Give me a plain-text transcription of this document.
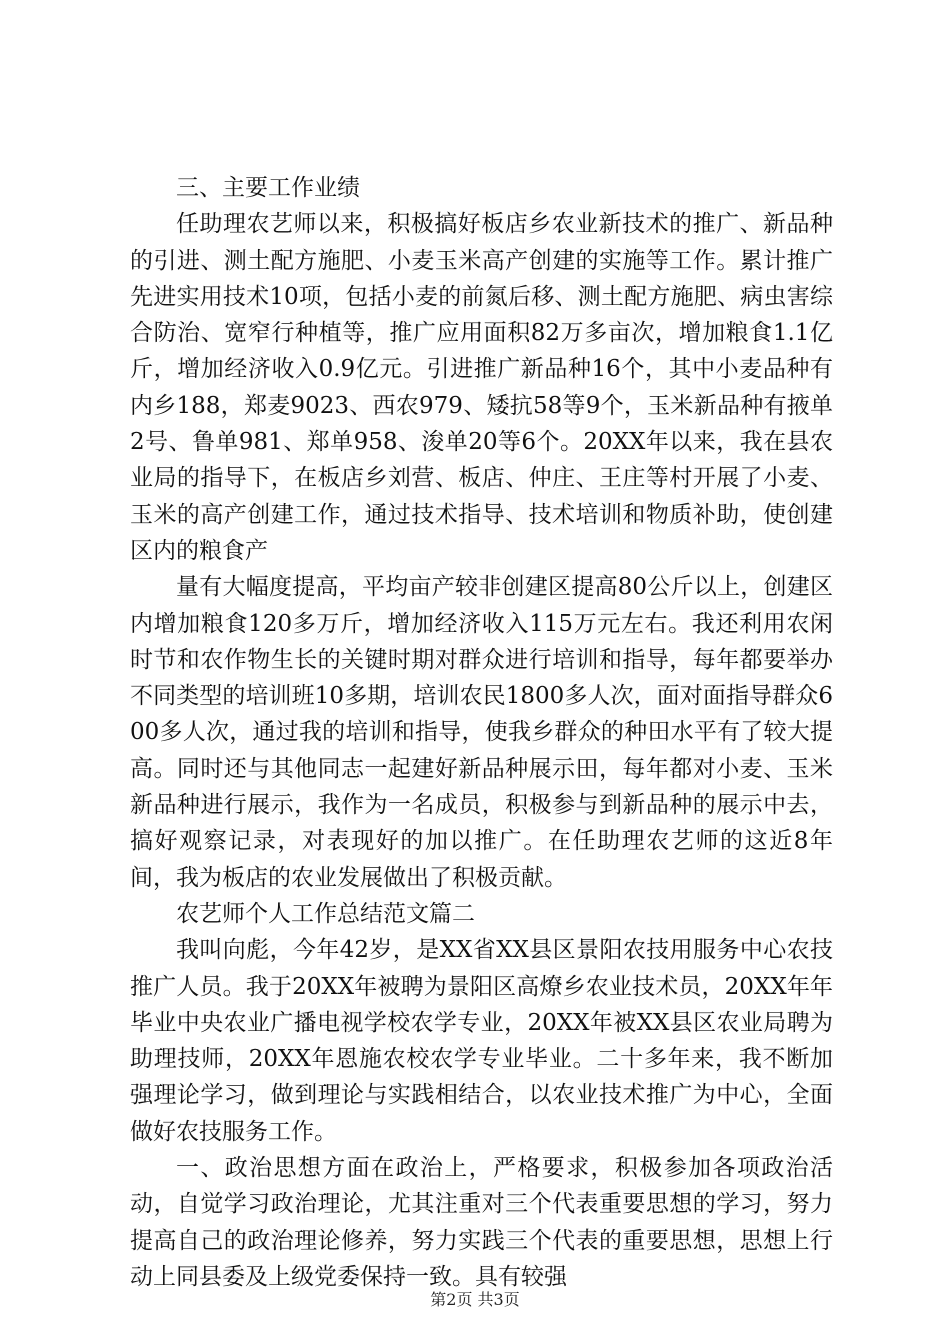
三、主要工作业绩

任助理农艺师以来，积极搞好板店乡农业新技术的推广、新品种的引进、测土配方施肥、小麦玉米高产创建的实施等工作。累计推广先进实用技术10项，包括小麦的前氮后移、测土配方施肥、病虫害综合防治、宽窄行种植等，推广应用面积82万多亩次，增加粮食1.1亿斤，增加经济收入0.9亿元。引进推广新品种16个，其中小麦品种有内乡188，郑麦9023、西农979、矮抗58等9个，玉米新品种有掖单2号、鲁单981、郑单958、浚单20等6个。20XX年以来，我在县农业局的指导下，在板店乡刘营、板店、仲庄、王庄等村开展了小麦、玉米的高产创建工作，通过技术指导、技术培训和物质补助，使创建区内的粮食产

量有大幅度提高，平均亩产较非创建区提高80公斤以上，创建区内增加粮食120多万斤，增加经济收入115万元左右。我还利用农闲时节和农作物生长的关键时期对群众进行培训和指导，每年都要举办不同类型的培训班10多期，培训农民1800多人次，面对面指导群众600多人次，通过我的培训和指导，使我乡群众的种田水平有了较大提高。同时还与其他同志一起建好新品种展示田，每年都对小麦、玉米新品种进行展示，我作为一名成员，积极参与到新品种的展示中去，搞好观察记录，对表现好的加以推广。在任助理农艺师的这近8年间，我为板店的农业发展做出了积极贡献。

农艺师个人工作总结范文篇二

我叫向彪，今年42岁，是XX省XX县区景阳农技用服务中心农技推广人员。我于20XX年被聘为景阳区高燎乡农业技术员，20XX年年毕业中央农业广播电视学校农学专业，20XX年被XX县区农业局聘为助理技师，20XX年恩施农校农学专业毕业。二十多年来，我不断加强理论学习，做到理论与实践相结合，以农业技术推广为中心，全面做好农技服务工作。

一、政治思想方面在政治上，严格要求，积极参加各项政治活动，自觉学习政治理论，尤其注重对三个代表重要思想的学习，努力提高自己的政治理论修养，努力实践三个代表的重要思想，思想上行动上同县委及上级党委保持一致。具有较强

第2页 共3页
